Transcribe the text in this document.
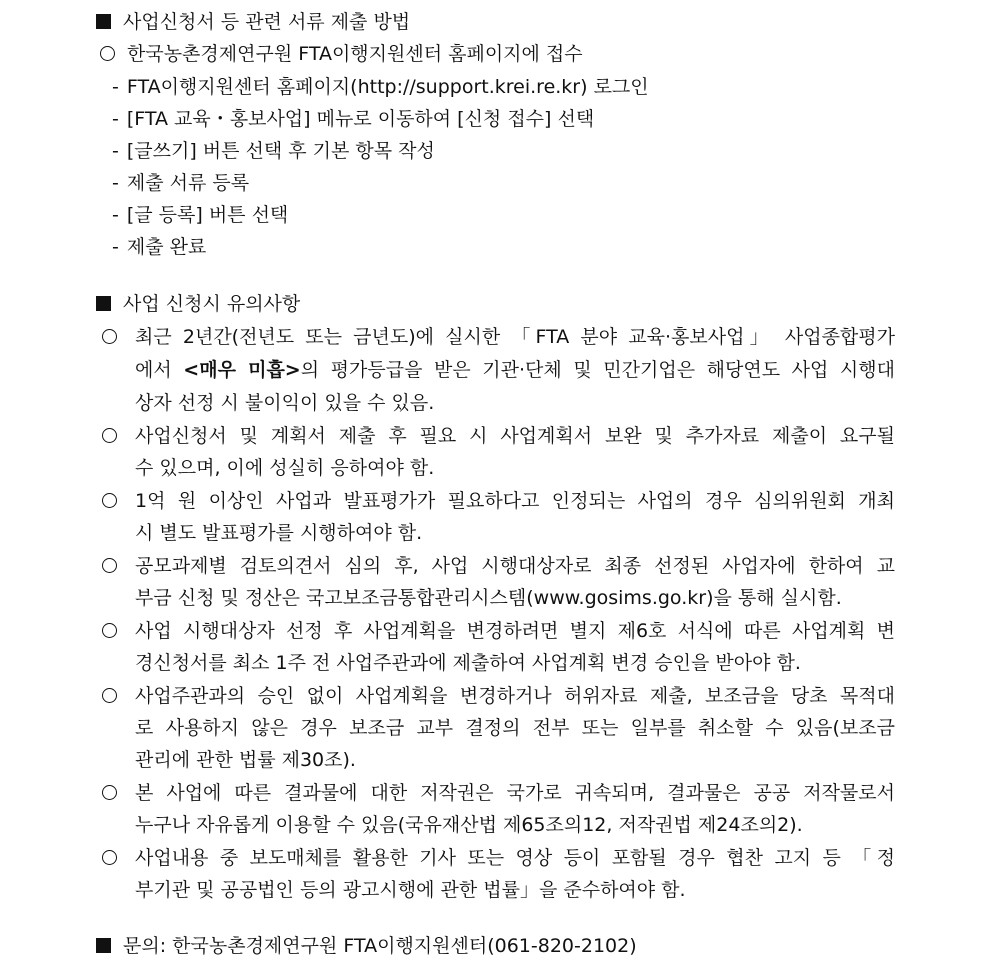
사업신청서 등 관련 서류 제출 방법
한국농촌경제연구원 FTA이행지원센터 홈페이지에 접수
- FTA이행지원센터 홈페이지(http://support.krei.re.kr) 로그인
- [FTA 교육・홍보사업] 메뉴로 이동하여 [신청 접수] 선택
- [글쓰기] 버튼 선택 후 기본 항목 작성
- 제출 서류 등록
- [글 등록] 버튼 선택
- 제출 완료
사업 신청시 유의사항
최근 2년간(전년도 또는 금년도)에 실시한 「FTA 분야 교육·홍보사업」 사업종합평가
에서 <매우 미흡>의 평가등급을 받은 기관·단체 및 민간기업은 해당연도 사업 시행대
상자 선정 시 불이익이 있을 수 있음.
사업신청서 및 계획서 제출 후 필요 시 사업계획서 보완 및 추가자료 제출이 요구될
수 있으며, 이에 성실히 응하여야 함.
1억 원 이상인 사업과 발표평가가 필요하다고 인정되는 사업의 경우 심의위원회 개최
시 별도 발표평가를 시행하여야 함.
공모과제별 검토의견서 심의 후, 사업 시행대상자로 최종 선정된 사업자에 한하여 교
부금 신청 및 정산은 국고보조금통합관리시스템(www.gosims.go.kr)을 통해 실시함.
사업 시행대상자 선정 후 사업계획을 변경하려면 별지 제6호 서식에 따른 사업계획 변
경신청서를 최소 1주 전 사업주관과에 제출하여 사업계획 변경 승인을 받아야 함.
사업주관과의 승인 없이 사업계획을 변경하거나 허위자료 제출, 보조금을 당초 목적대
로 사용하지 않은 경우 보조금 교부 결정의 전부 또는 일부를 취소할 수 있음(보조금
관리에 관한 법률 제30조).
본 사업에 따른 결과물에 대한 저작권은 국가로 귀속되며, 결과물은 공공 저작물로서
누구나 자유롭게 이용할 수 있음(국유재산법 제65조의12, 저작권법 제24조의2).
사업내용 중 보도매체를 활용한 기사 또는 영상 등이 포함될 경우 협찬 고지 등 「정
부기관 및 공공법인 등의 광고시행에 관한 법률」을 준수하여야 함.
문의: 한국농촌경제연구원 FTA이행지원센터(061-820-2102)
